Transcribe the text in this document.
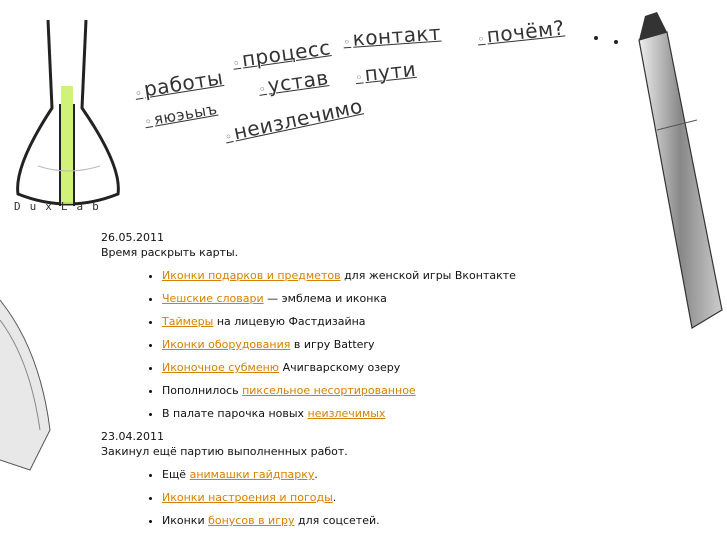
DuxLab
◦ работы
◦ процесс ◦ контакт	◦ почём?
◦ устав	◦ пути
◦ яюэьыъ ◦ неизлечимо
26.05.2011
Время раскрыть карты.
• Иконки подарков и предметов для женской игры Вконтакте
• Чешские словари — эмблема и иконка
• Таймеры на лицевую Фастдизайна
• Иконки оборудования в игру Battery
• Иконочное субменю Ачигварскому озеру
• Пополнилось пиксельное несортированное
• В палате парочка новых неизлечимых
23.04.2011
Закинул ещё партию выполненных работ.
• Ещё анимашки гайдпарку.
• Иконки настроения и погоды.
• Иконки бонусов в игру для соцсетей.
